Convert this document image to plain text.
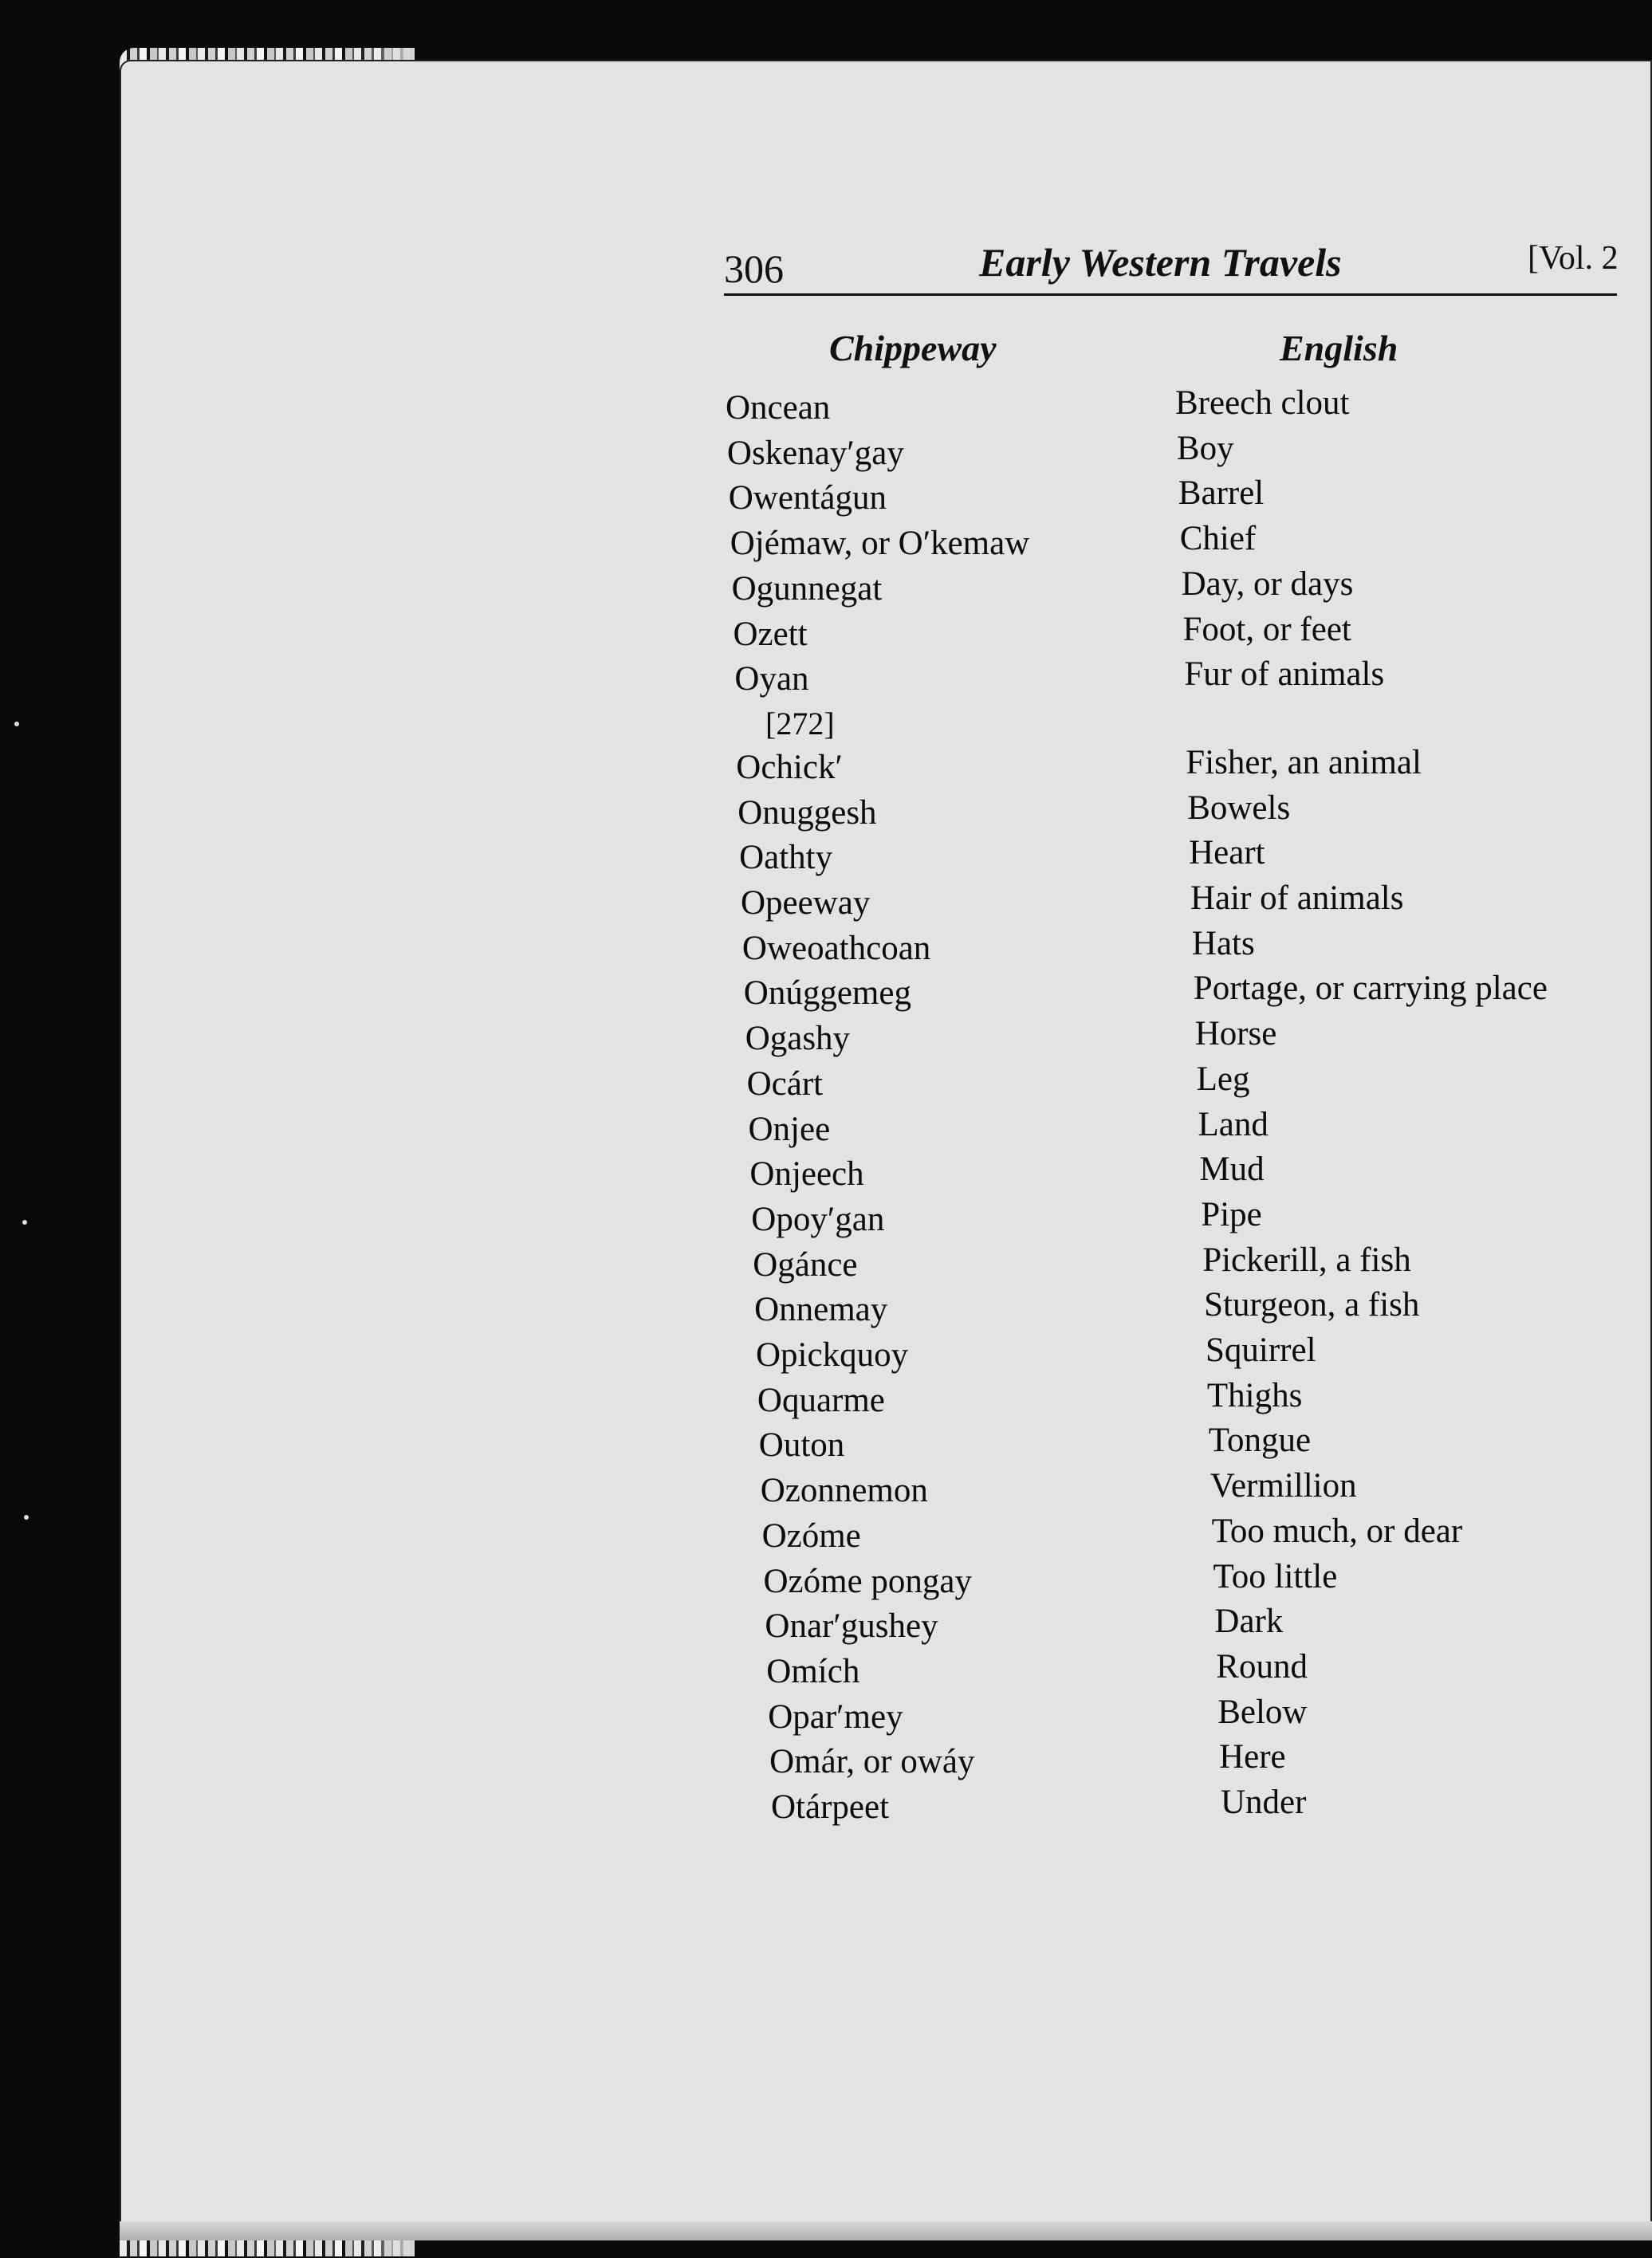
306	Early Western Travels	[Vol. 2
Chippeway	English
[272]
Oncean	Breech clout
Oskenay′gay	Boy
Owentágun	Barrel
Ojémaw, or O′kemaw	Chief
Ogunnegat	Day, or days
Ozett	Foot, or feet
Oyan	Fur of animals
Ochick′	Fisher, an animal
Onuggesh	Bowels
Oathty	Heart
Opeeway	Hair of animals
Oweoathcoan	Hats
Onúggemeg	Portage, or carrying place
Ogashy	Horse
Ocárt	Leg
Onjee	Land
Onjeech	Mud
Opoy′gan	Pipe
Ogánce	Pickerill, a fish
Onnemay	Sturgeon, a fish
Opickquoy	Squirrel
Oquarme	Thighs
Outon	Tongue
Ozonnemon	Vermillion
Ozóme	Too much, or dear
Ozóme pongay	Too little
Onar′gushey	Dark
Omích	Round
Opar′mey	Below
Omár, or owáy	Here
Otárpeet	Under
